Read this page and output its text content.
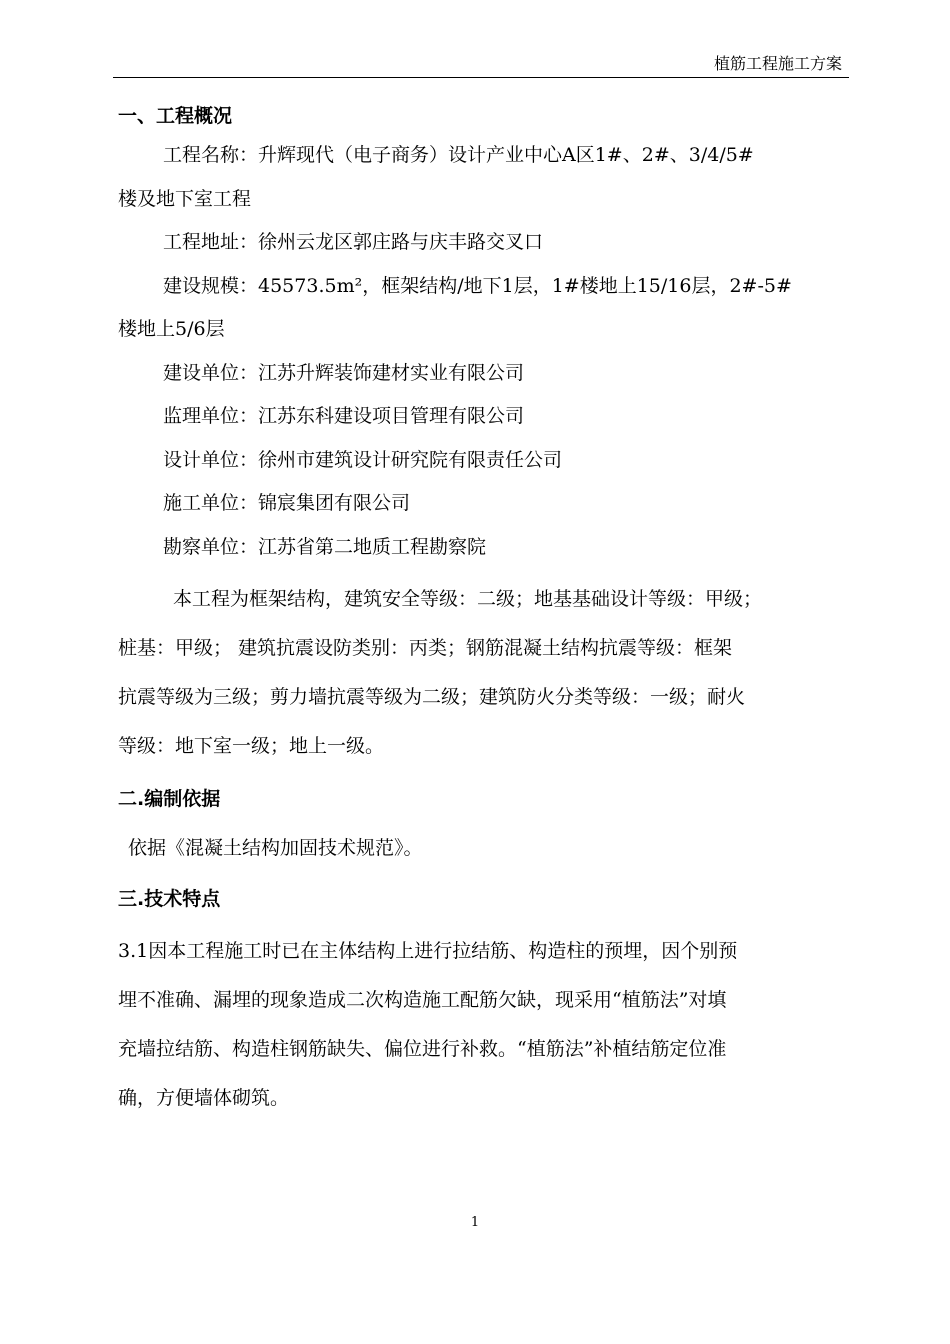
植筋工程施工方案
一、工程概况
工程名称：升辉现代（电子商务）设计产业中心A区1#、2#、3/4/5#
楼及地下室工程
工程地址：徐州云龙区郭庄路与庆丰路交叉口
建设规模：45573.5m²，框架结构/地下1层，1#楼地上15/16层，2#-5#
楼地上5/6层
建设单位：江苏升辉装饰建材实业有限公司
监理单位：江苏东科建设项目管理有限公司
设计单位：徐州市建筑设计研究院有限责任公司
施工单位：锦宸集团有限公司
勘察单位：江苏省第二地质工程勘察院
本工程为框架结构，建筑安全等级：二级；地基基础设计等级：甲级；
桩基：甲级； 建筑抗震设防类别：丙类；钢筋混凝土结构抗震等级：框架
抗震等级为三级；剪力墙抗震等级为二级；建筑防火分类等级：一级；耐火
等级：地下室一级；地上一级。
二.编制依据
依据《混凝土结构加固技术规范》。
三.技术特点
3.1因本工程施工时已在主体结构上进行拉结筋、构造柱的预埋，因个别预
埋不准确、漏埋的现象造成二次构造施工配筋欠缺，现采用“植筋法”对填
充墙拉结筋、构造柱钢筋缺失、偏位进行补救。“植筋法”补植结筋定位准
确，方便墙体砌筑。
1
